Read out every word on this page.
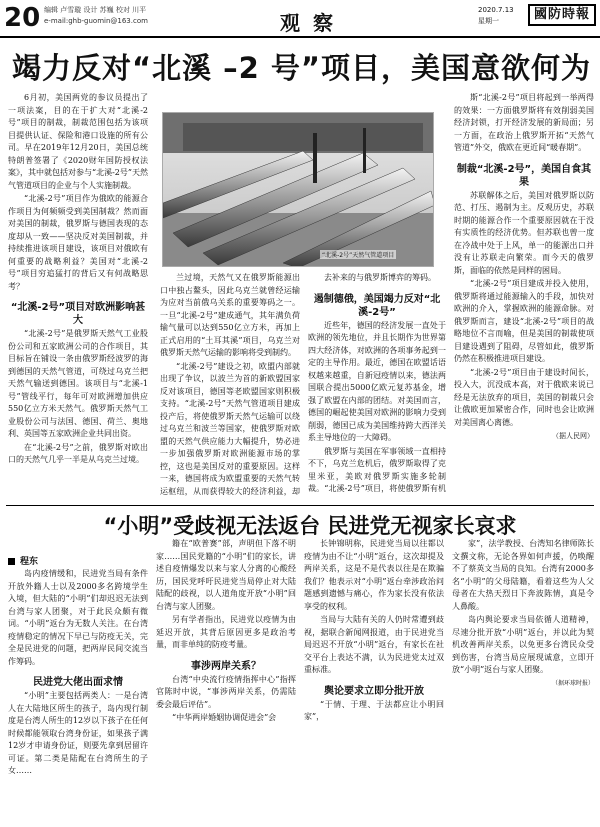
20 编辑 卢雪璇 设计 苏巍 校对 川平
e-mail:ghb-guomin@163.com	观 察
2020.7.13
星期一	國防時報
竭力反对“北溪 –2 号”项目，美国意欲何为

6月初，美国两党的参议员提出了一项法案，目的在于扩大对“北溪-2号”项目的制裁，制裁范围包括为该项目提供认证、保险和港口设施的所有公司。早在2019年12月20日，美国总统特朗普签署了《2020财年国防授权法案》，其中就包括对参与“北溪-2号”天然气管道项目的企业与个人实施制裁。

“北溪-2号”项目作为俄欧的能源合作项目为何频频受到美国制裁？然而面对美国的制裁，俄罗斯与德国表现的态度却从一致——坚决反对美国制裁，并持续推进该项目建设，该项目对俄欧有何重要的战略利益？美国对“北溪-2号”项目穷追猛打的背后又有何战略思考？

“北溪-2号”项目对欧洲影响甚大

“北溪-2号”是俄罗斯天然气工业股份公司和五家欧洲公司的合作项目，其目标旨在铺设一条由俄罗斯经波罗的海到德国的天然气管道，可绕过乌克兰把天然气输送到德国。该项目与“北溪-1号”管线平行，每年可对欧洲增加供应550亿立方米天然气。俄罗斯天然气工业股份公司与法国、德国、荷兰、奥地利、英国等五家欧洲企业共同出资。

在“北溪-2号”之前，俄罗斯对欧出口的天然气几乎一半是从乌克兰过境。

“北溪-2号”天然气管道项目

兰过境，天然气又在俄罗斯能源出口中独占鳌头，因此乌克兰就曾经运输为应对当前俄乌关系的重要筹码之一。一旦“北溪-2号”建成通气，其年满负荷输气量可以达到550亿立方米，再加上正式启用的“土耳其溪”项目，乌克兰对俄罗斯天然气运输的影响将受到制约。

“北溪-2号”建设之初，欧盟内部就出现了争议，以波兰为首的新欧盟国家反对该项目，德国等老欧盟国家则积极支持。“北溪-2号”天然气管道项目建成投产后，将使俄罗斯天然气运输可以绕过乌克兰和波兰等国家，使俄罗斯对欧盟的天然气供应能力大幅提升，势必进一步加强俄罗斯对欧洲能源市场的掌控，这也是美国反对的重要原因。这样一来，德国将成为欧盟重要的天然气转运枢纽，从而获得较大的经济利益，却

去补来的与俄罗斯博弈的筹码。

遏制德俄，美国竭力反对“北溪-2号”

近些年，德国的经济发展一直处于欧洲的领先地位，并且长期作为世界第四大经济体，对欧洲的各项事务起到一定的主导作用。最近，德国在欧盟话语权越来越重，自新冠疫情以来，德法两国联合提出5000亿欧元复苏基金，增强了欧盟在内部的团结。对美国而言，德国的崛起使美国对欧洲的影响力受到削弱，德国已成为美国维持跨大西洋关系主导地位的一大障碍。

俄罗斯与美国在军事领域一直相持不下，乌克兰危机后，俄罗斯取得了克里米亚，美欧对俄罗斯实施多轮制裁。“北溪-2号”项目，将使俄罗斯有机

斯“北溪-2号”项目将起到一举两得的效果：一方面俄罗斯将有效削弱美国经济封锁，打开经济发展的新局面；另一方面，在政治上俄罗斯开拓“天然气管道”外交，俄欧在更近间“暖春期”。

制裁“北溪-2号”，美国自食其果

苏联解体之后，美国对俄罗斯以防范、打压、遏制为主。反观历史，苏联时期的能源合作一个重要原因就在于没有实质性的经济优势。但苏联也曾一度在冷战中处于上风，单一的能源出口并没有让苏联走向繁荣。而今天的俄罗斯，面临的依然是同样的困局。

“北溪-2号”项目建成并投入使用，俄罗斯将通过能源输入的手段，加快对欧洲的介入，掌握欧洲的能源命脉。对俄罗斯而言，建设“北溪-2号”项目的战略地位不言而喻，但是美国的制裁使项目建设遇到了阻碍，尽管如此，俄罗斯仍然在积极推进项目建设。

“北溪-2号”项目由于建设时间长，投入大，沉没成本高，对于俄欧来说已经是无法放弃的项目，美国的制裁只会让俄欧更加紧密合作，同时也会让欧洲对美国离心离德。

（据人民网）

“小明”受歧视无法返台 民进党无视家长哀求

程东

岛内疫情缓和，民进党当局有条件开放外籍人士以及2000多名跨境学生入境，但大陆的“小明”们却迟迟无法到台湾与家人团聚，对于此民众颇有微词。“小明”返台为无数人关注。在台湾疫情稳定的情况下早已与防疫无关，完全是民进党的问题，把两岸民间交流当作筹码。

民进党大佬出面求情

“小明”主要包括两类人：一是台湾人在大陆地区所生的孩子，岛内现行制度是台湾人所生的12岁以下孩子在任何时候都能领取台湾身份证，如果孩子满12岁才申请身份证，则要先拿到居留许可证。第二类是陆配在台湾所生的子女……

籍在“欧普赛”部，声明但下落不明家……国民党籍的“小明”们的家长，讲述自疫情爆发以来与家人分离的心酸经历，国民党呼吁民进党当局停止对大陆陆配的歧视，以人道角度开放“小明”回台湾与家人团聚。

另有学者指出，民进党以疫情为由延迟开放，其背后原因更多是政治考量，而非单纯的防疫考量。

事涉两岸关系？

台湾“中央流行疫情指挥中心”指挥官陈时中说，“事涉两岸关系，仍需陆委会最后评估”。

“中华两岸婚姻协调促进会”会

长钟锦明称，民进党当局以往都以疫情为由不让“小明”返台，这次却提及两岸关系，这是不是代表以往是在欺骗我们？他表示对“小明”返台牵涉政治问题感到遗憾与痛心，作为家长没有依法享受的权利。

当局与大陆有关的人仍时常遭到歧视，据联合新闻网报道，由于民进党当局迟迟不开放“小明”返台，有家长在社交平台上表达不满，认为民进党太过双重标准。

舆论要求立即分批开放

“于情、于理、于法都应让小明回家”，

家”，法学教授、台湾知名律师陈长文撰文称，无论各界如何声援，仍唤醒不了蔡英文当局的良知。台湾有2000多名“小明”的父母陆籍，看着这些为人父母者在大热天烈日下奔波陈情，真是令人鼻酸。

岛内舆论要求当局依循人道精神，尽速分批开放“小明”返台，并以此为契机改善两岸关系，以免更多台湾民众受到伤害，台湾当局应展现诚意，立即开放“小明”返台与家人团聚。

（据环球时报）
